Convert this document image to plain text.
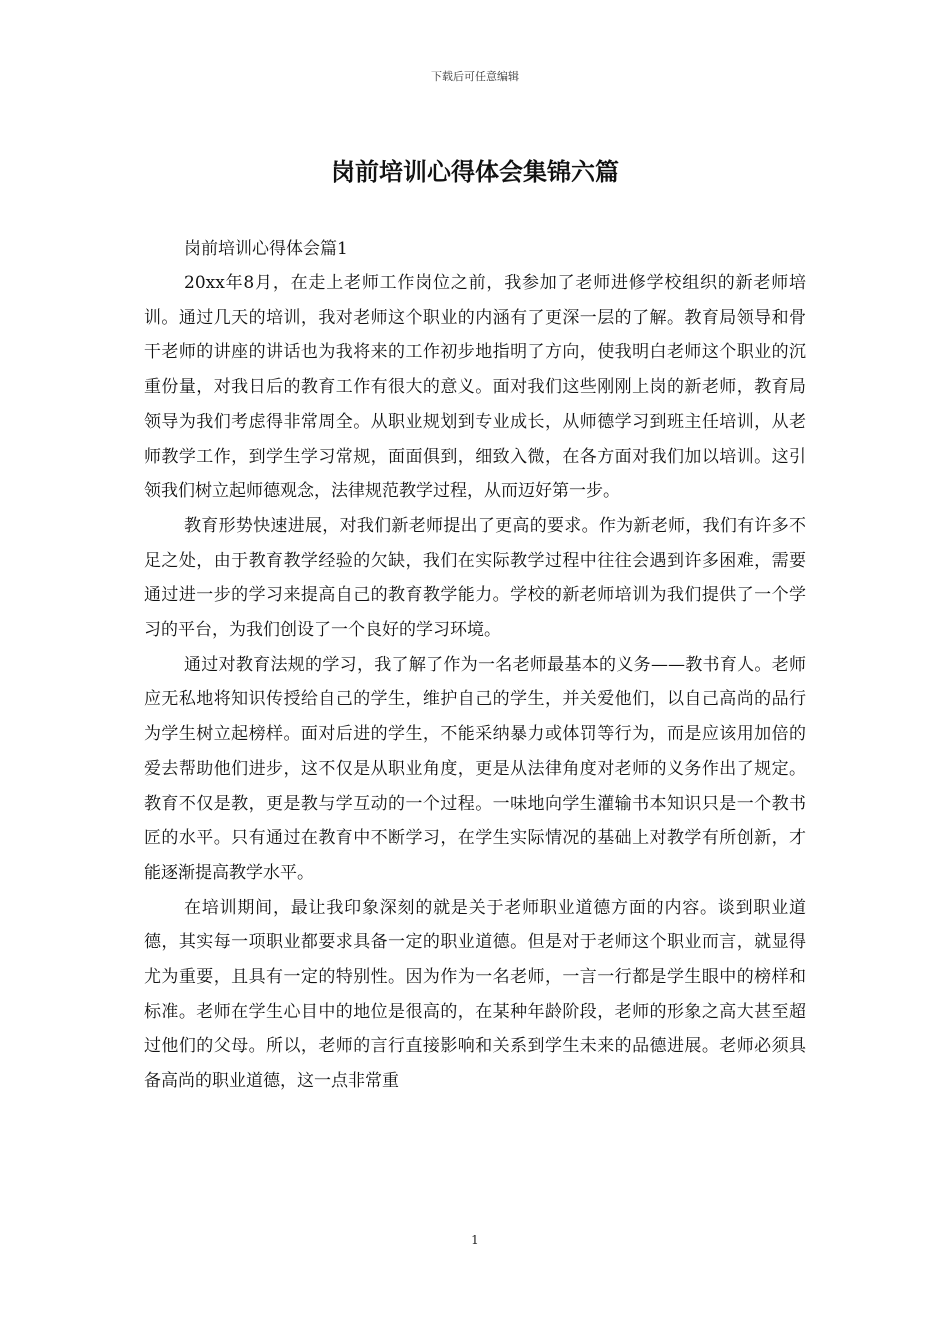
下载后可任意编辑
岗前培训心得体会集锦六篇

岗前培训心得体会篇1

20xx年8月，在走上老师工作岗位之前，我参加了老师进修学校组织的新老师培训。通过几天的培训，我对老师这个职业的内涵有了更深一层的了解。教育局领导和骨干老师的讲座的讲话也为我将来的工作初步地指明了方向，使我明白老师这个职业的沉重份量，对我日后的教育工作有很大的意义。面对我们这些刚刚上岗的新老师，教育局领导为我们考虑得非常周全。从职业规划到专业成长，从师德学习到班主任培训，从老师教学工作，到学生学习常规，面面俱到，细致入微，在各方面对我们加以培训。这引领我们树立起师德观念，法律规范教学过程，从而迈好第一步。

教育形势快速进展，对我们新老师提出了更高的要求。作为新老师，我们有许多不足之处，由于教育教学经验的欠缺，我们在实际教学过程中往往会遇到许多困难，需要通过进一步的学习来提高自己的教育教学能力。学校的新老师培训为我们提供了一个学习的平台，为我们创设了一个良好的学习环境。

通过对教育法规的学习，我了解了作为一名老师最基本的义务——教书育人。老师应无私地将知识传授给自己的学生，维护自己的学生，并关爱他们，以自己高尚的品行为学生树立起榜样。面对后进的学生，不能采纳暴力或体罚等行为，而是应该用加倍的爱去帮助他们进步，这不仅是从职业角度，更是从法律角度对老师的义务作出了规定。教育不仅是教，更是教与学互动的一个过程。一味地向学生灌输书本知识只是一个教书匠的水平。只有通过在教育中不断学习，在学生实际情况的基础上对教学有所创新，才能逐渐提高教学水平。

在培训期间，最让我印象深刻的就是关于老师职业道德方面的内容。谈到职业道德，其实每一项职业都要求具备一定的职业道德。但是对于老师这个职业而言，就显得尤为重要，且具有一定的特别性。因为作为一名老师，一言一行都是学生眼中的榜样和标准。老师在学生心目中的地位是很高的，在某种年龄阶段，老师的形象之高大甚至超过他们的父母。所以，老师的言行直接影响和关系到学生未来的品德进展。老师必须具备高尚的职业道德，这一点非常重

1
